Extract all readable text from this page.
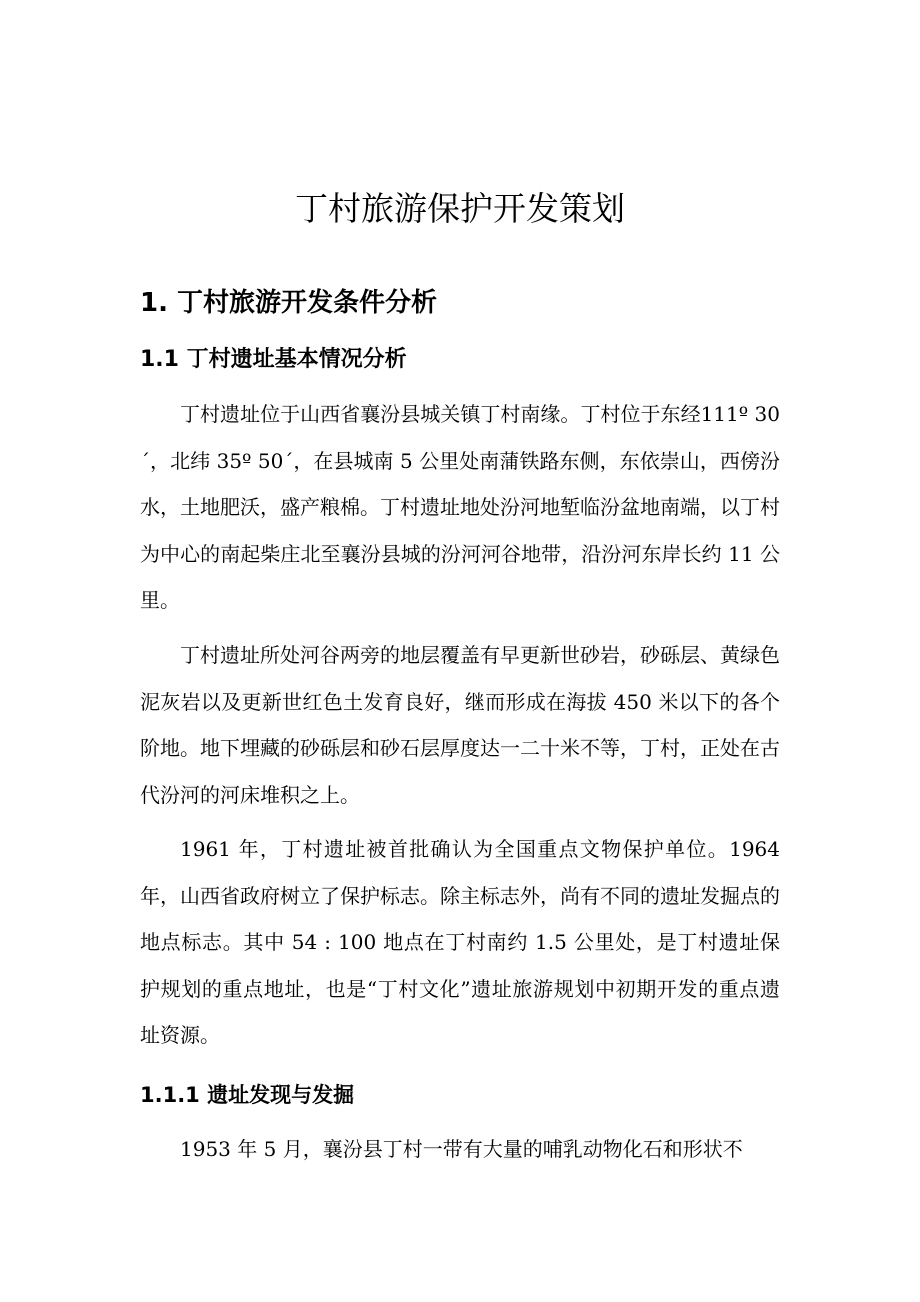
丁村旅游保护开发策划
1. 丁村旅游开发条件分析
1.1 丁村遗址基本情况分析

丁村遗址位于山西省襄汾县城关镇丁村南缘。丁村位于东经111º 30´，北纬 35º 50´，在县城南 5 公里处南蒲铁路东侧，东依崇山，西傍汾水，土地肥沃，盛产粮棉。丁村遗址地处汾河地堑临汾盆地南端，以丁村为中心的南起柴庄北至襄汾县城的汾河河谷地带，沿汾河东岸长约 11 公里。

丁村遗址所处河谷两旁的地层覆盖有早更新世砂岩，砂砾层、黄绿色泥灰岩以及更新世红色土发育良好，继而形成在海拔 450 米以下的各个阶地。地下埋藏的砂砾层和砂石层厚度达一二十米不等，丁村，正处在古代汾河的河床堆积之上。

1961 年，丁村遗址被首批确认为全国重点文物保护单位。1964 年，山西省政府树立了保护标志。除主标志外，尚有不同的遗址发掘点的地点标志。其中 54 : 100 地点在丁村南约 1.5 公里处，是丁村遗址保护规划的重点地址，也是“丁村文化”遗址旅游规划中初期开发的重点遗址资源。

1.1.1 遗址发现与发掘

1953 年 5 月，襄汾县丁村一带有大量的哺乳动物化石和形状不
